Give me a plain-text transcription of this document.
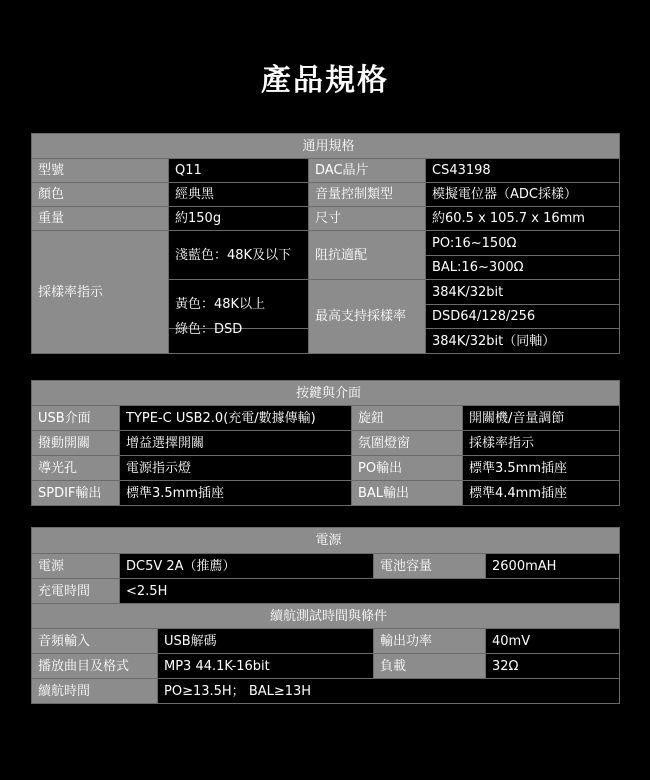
產品規格
通用規格			
型號	Q11	DAC晶片	CS43198
顏色	經典黑	音量控制類型	模擬電位器（ADC採樣）
重量	約150g	尺寸	約60.5 x 105.7 x 16mm
採樣率指示	淺藍色：48K及以下	阻抗適配	PO:16~150Ω
			BAL:16~300Ω
	黃色：48K以上	最高支持採樣率	384K/32bit
			DSD64/128/256
	綠色：DSD		384K/32bit（同軸）
按鍵與介面			
USB介面	TYPE-C USB2.0(充電/數據傳輸)	旋鈕	開關機/音量調節
撥動開關	增益選擇開關	氛圍燈窗	採樣率指示
導光孔	電源指示燈	PO輸出	標準3.5mm插座
SPDIF輸出	標準3.5mm插座	BAL輸出	標準4.4mm插座
電源				
電源	DC5V 2A（推薦）		電池容量	2600mAH
充電時間	<2.5H			
續航測試時間與條件				
音頻輸入		USB解碼	輸出功率	40mV
播放曲目及格式		MP3 44.1K-16bit	負載	32Ω
續航時間		PO≥13.5H； BAL≥13H		
